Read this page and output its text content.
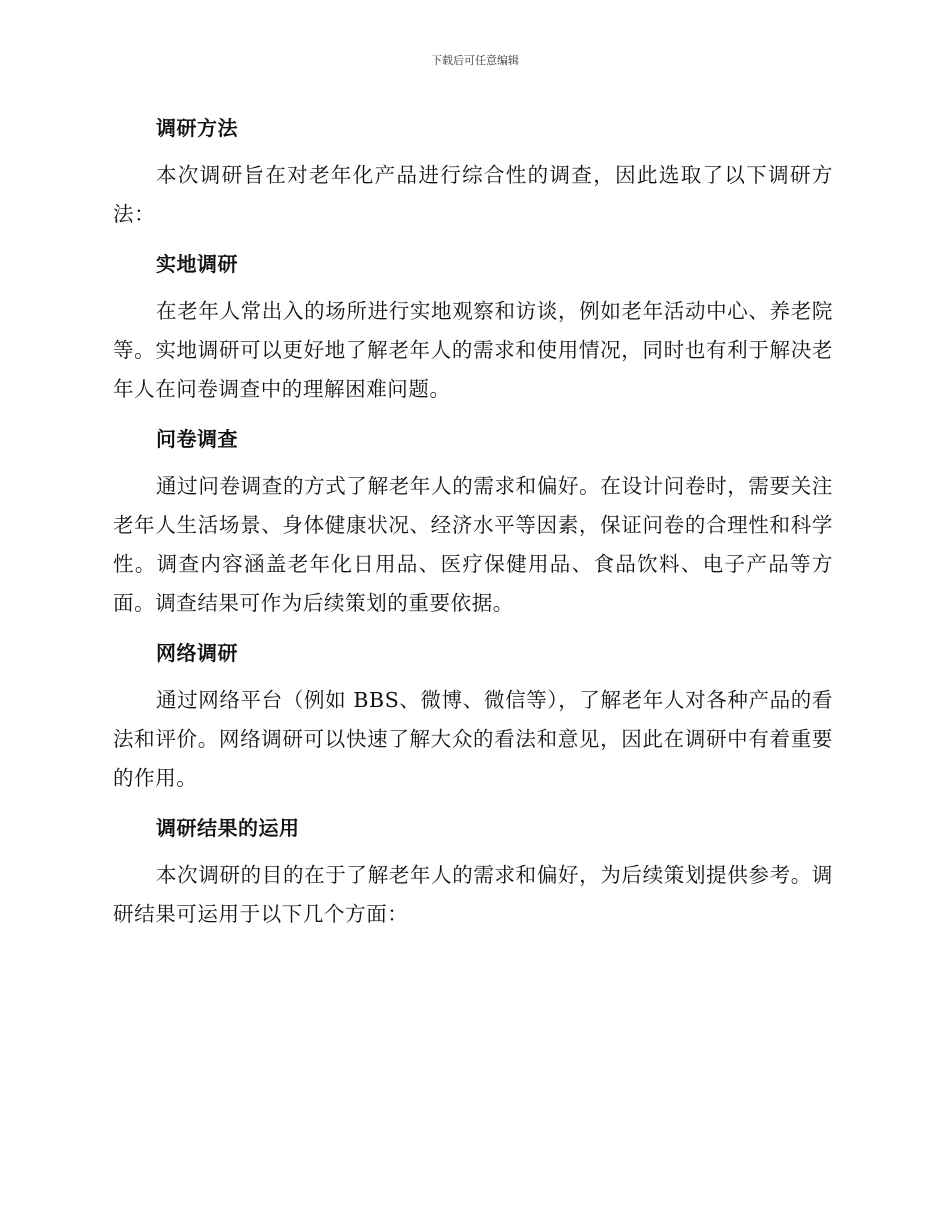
下载后可任意编辑
调研方法

本次调研旨在对老年化产品进行综合性的调查，因此选取了以下调研方法：

实地调研

在老年人常出入的场所进行实地观察和访谈，例如老年活动中心、养老院等。实地调研可以更好地了解老年人的需求和使用情况，同时也有利于解决老年人在问卷调查中的理解困难问题。

问卷调查

通过问卷调查的方式了解老年人的需求和偏好。在设计问卷时，需要关注老年人生活场景、身体健康状况、经济水平等因素，保证问卷的合理性和科学性。调查内容涵盖老年化日用品、医疗保健用品、食品饮料、电子产品等方面。调查结果可作为后续策划的重要依据。

网络调研

通过网络平台（例如 BBS、微博、微信等），了解老年人对各种产品的看法和评价。网络调研可以快速了解大众的看法和意见，因此在调研中有着重要的作用。

调研结果的运用

本次调研的目的在于了解老年人的需求和偏好，为后续策划提供参考。调研结果可运用于以下几个方面：
